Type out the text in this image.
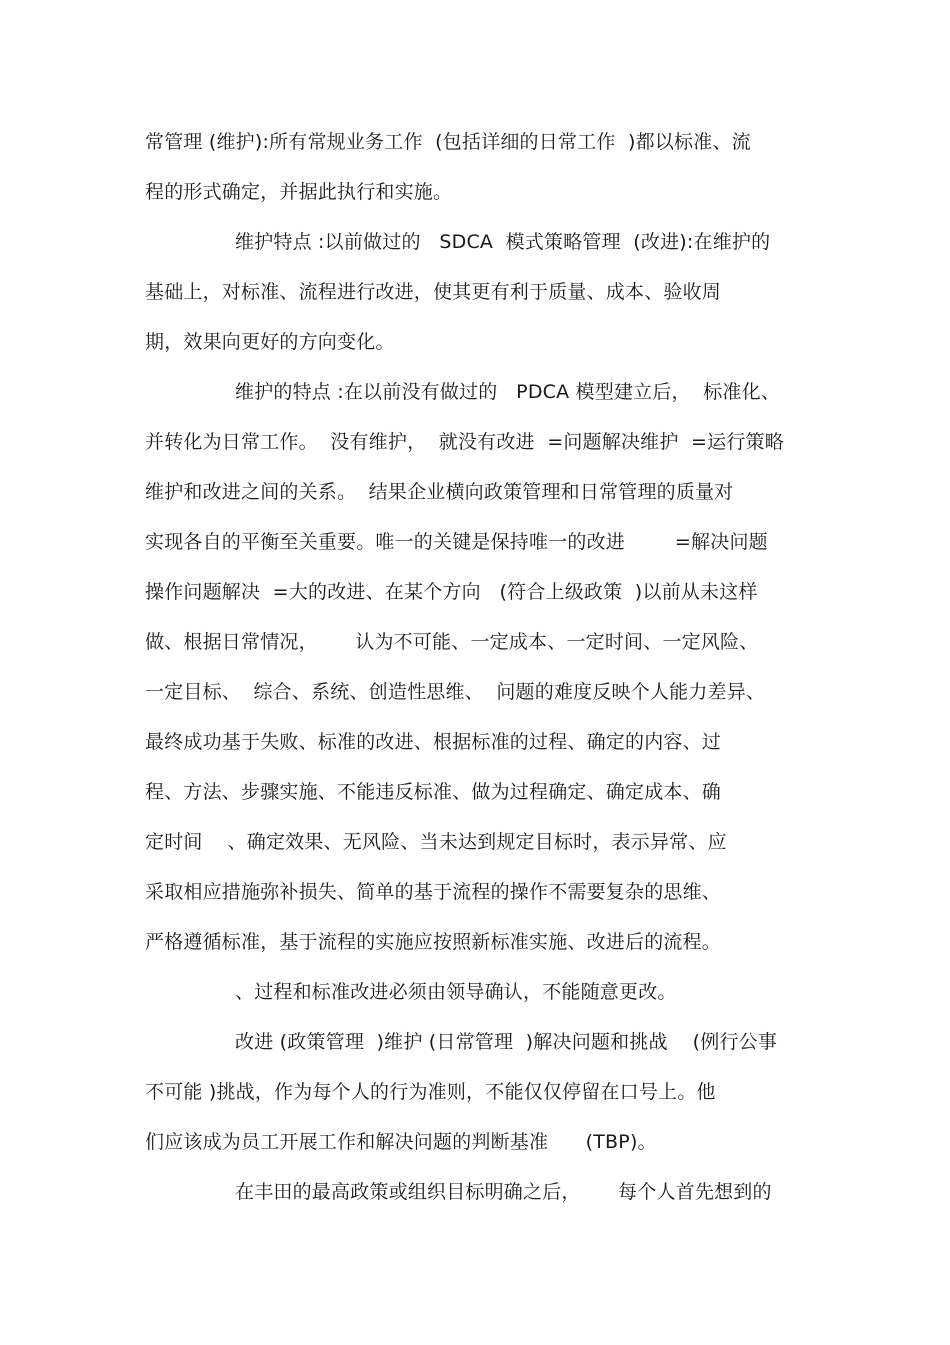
常管理 (维护):所有常规业务工作  (包括详细的日常工作  )都以标准、流
程的形式确定，并据此执行和实施。
维护特点 :以前做过的   SDCA  模式策略管理  (改进):在维护的
基础上，对标准、流程进行改进，使其更有利于质量、成本、验收周
期，效果向更好的方向变化。
维护的特点 :在以前没有做过的   PDCA 模型建立后，  标准化、
并转化为日常工作。  没有维护，  就没有改进  =问题解决维护  =运行策略
维护和改进之间的关系。  结果企业横向政策管理和日常管理的质量对
实现各自的平衡至关重要。唯一的关键是保持唯一的改进        =解决问题
操作问题解决  =大的改进、在某个方向   (符合上级政策  )以前从未这样
做、根据日常情况，      认为不可能、一定成本、一定时间、一定风险、
一定目标、  综合、系统、创造性思维、  问题的难度反映个人能力差异、
最终成功基于失败、标准的改进、根据标准的过程、确定的内容、过
程、方法、步骤实施、不能违反标准、做为过程确定、确定成本、确
定时间    、确定效果、无风险、当未达到规定目标时，表示异常、应
采取相应措施弥补损失、简单的基于流程的操作不需要复杂的思维、
严格遵循标准，基于流程的实施应按照新标准实施、改进后的流程。
、过程和标准改进必须由领导确认，不能随意更改。
改进 (政策管理  )维护 (日常管理  )解决问题和挑战    (例行公事
不可能 )挑战，作为每个人的行为准则，不能仅仅停留在口号上。他
们应该成为员工开展工作和解决问题的判断基准      (TBP)。
在丰田的最高政策或组织目标明确之后，      每个人首先想到的
